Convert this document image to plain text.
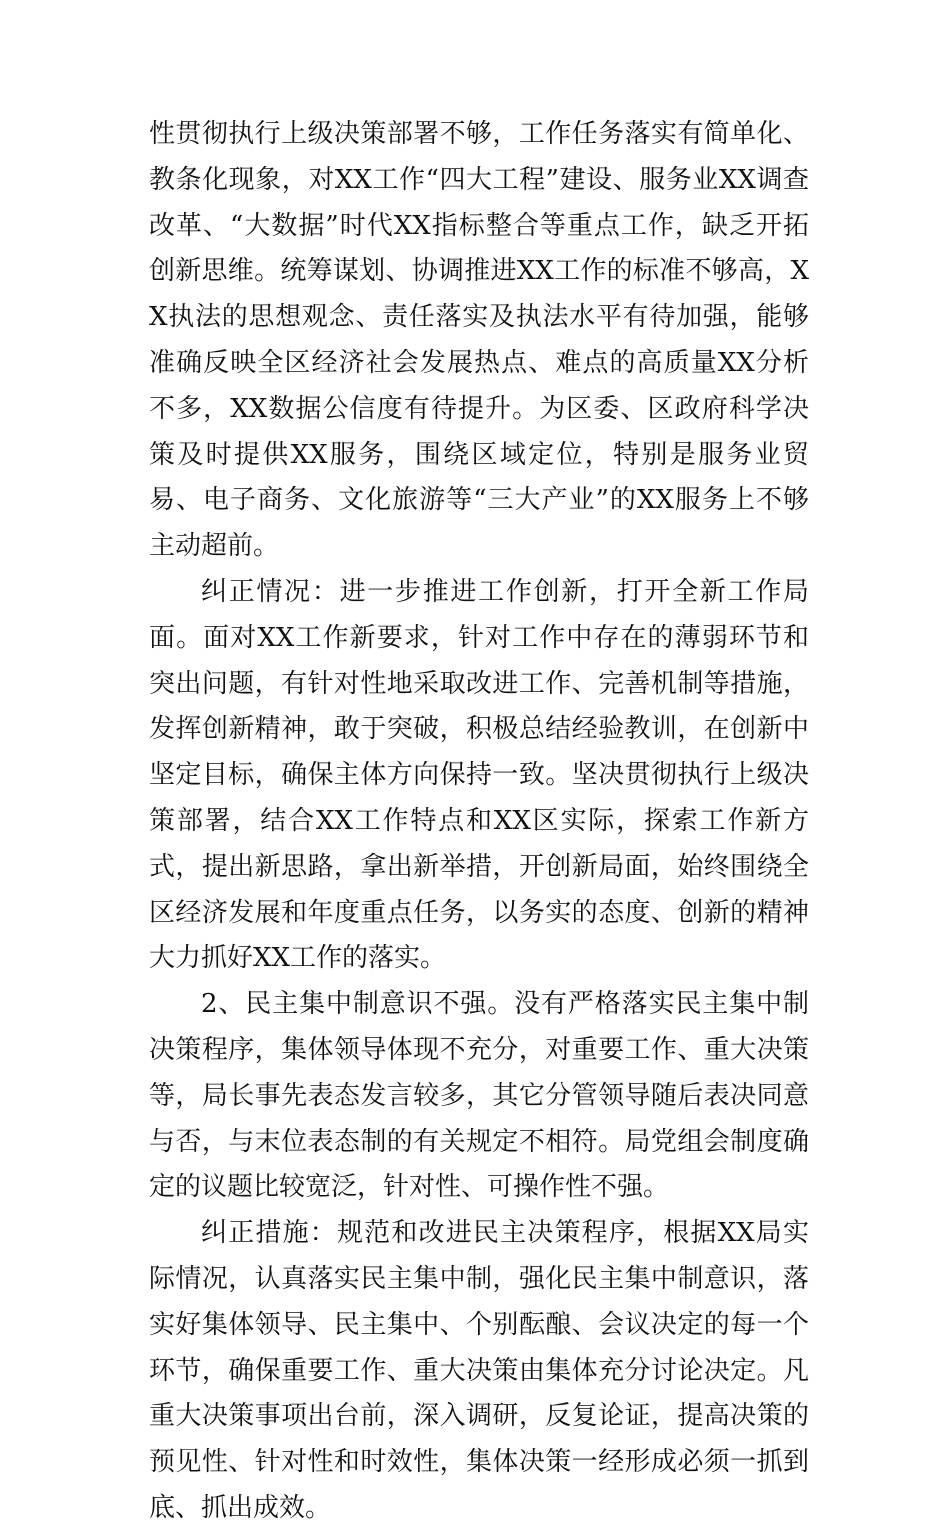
性贯彻执行上级决策部署不够，工作任务落实有简单化、教条化现象，对XX工作“四大工程”建设、服务业XX调查改革、“大数据”时代XX指标整合等重点工作，缺乏开拓创新思维。统筹谋划、协调推进XX工作的标准不够高，XX执法的思想观念、责任落实及执法水平有待加强，能够准确反映全区经济社会发展热点、难点的高质量XX分析不多，XX数据公信度有待提升。为区委、区政府科学决策及时提供XX服务，围绕区域定位，特别是服务业贸易、电子商务、文化旅游等“三大产业”的XX服务上不够主动超前。

纠正情况：进一步推进工作创新，打开全新工作局面。面对XX工作新要求，针对工作中存在的薄弱环节和突出问题，有针对性地采取改进工作、完善机制等措施，发挥创新精神，敢于突破，积极总结经验教训，在创新中坚定目标，确保主体方向保持一致。坚决贯彻执行上级决策部署，结合XX工作特点和XX区实际，探索工作新方式，提出新思路，拿出新举措，开创新局面，始终围绕全区经济发展和年度重点任务，以务实的态度、创新的精神大力抓好XX工作的落实。

2、民主集中制意识不强。没有严格落实民主集中制决策程序，集体领导体现不充分，对重要工作、重大决策等，局长事先表态发言较多，其它分管领导随后表决同意与否，与末位表态制的有关规定不相符。局党组会制度确定的议题比较宽泛，针对性、可操作性不强。

纠正措施：规范和改进民主决策程序，根据XX局实际情况，认真落实民主集中制，强化民主集中制意识，落实好集体领导、民主集中、个别酝酿、会议决定的每一个环节，确保重要工作、重大决策由集体充分讨论决定。凡重大决策事项出台前，深入调研，反复论证，提高决策的预见性、针对性和时效性，集体决策一经形成必须一抓到底、抓出成效。
